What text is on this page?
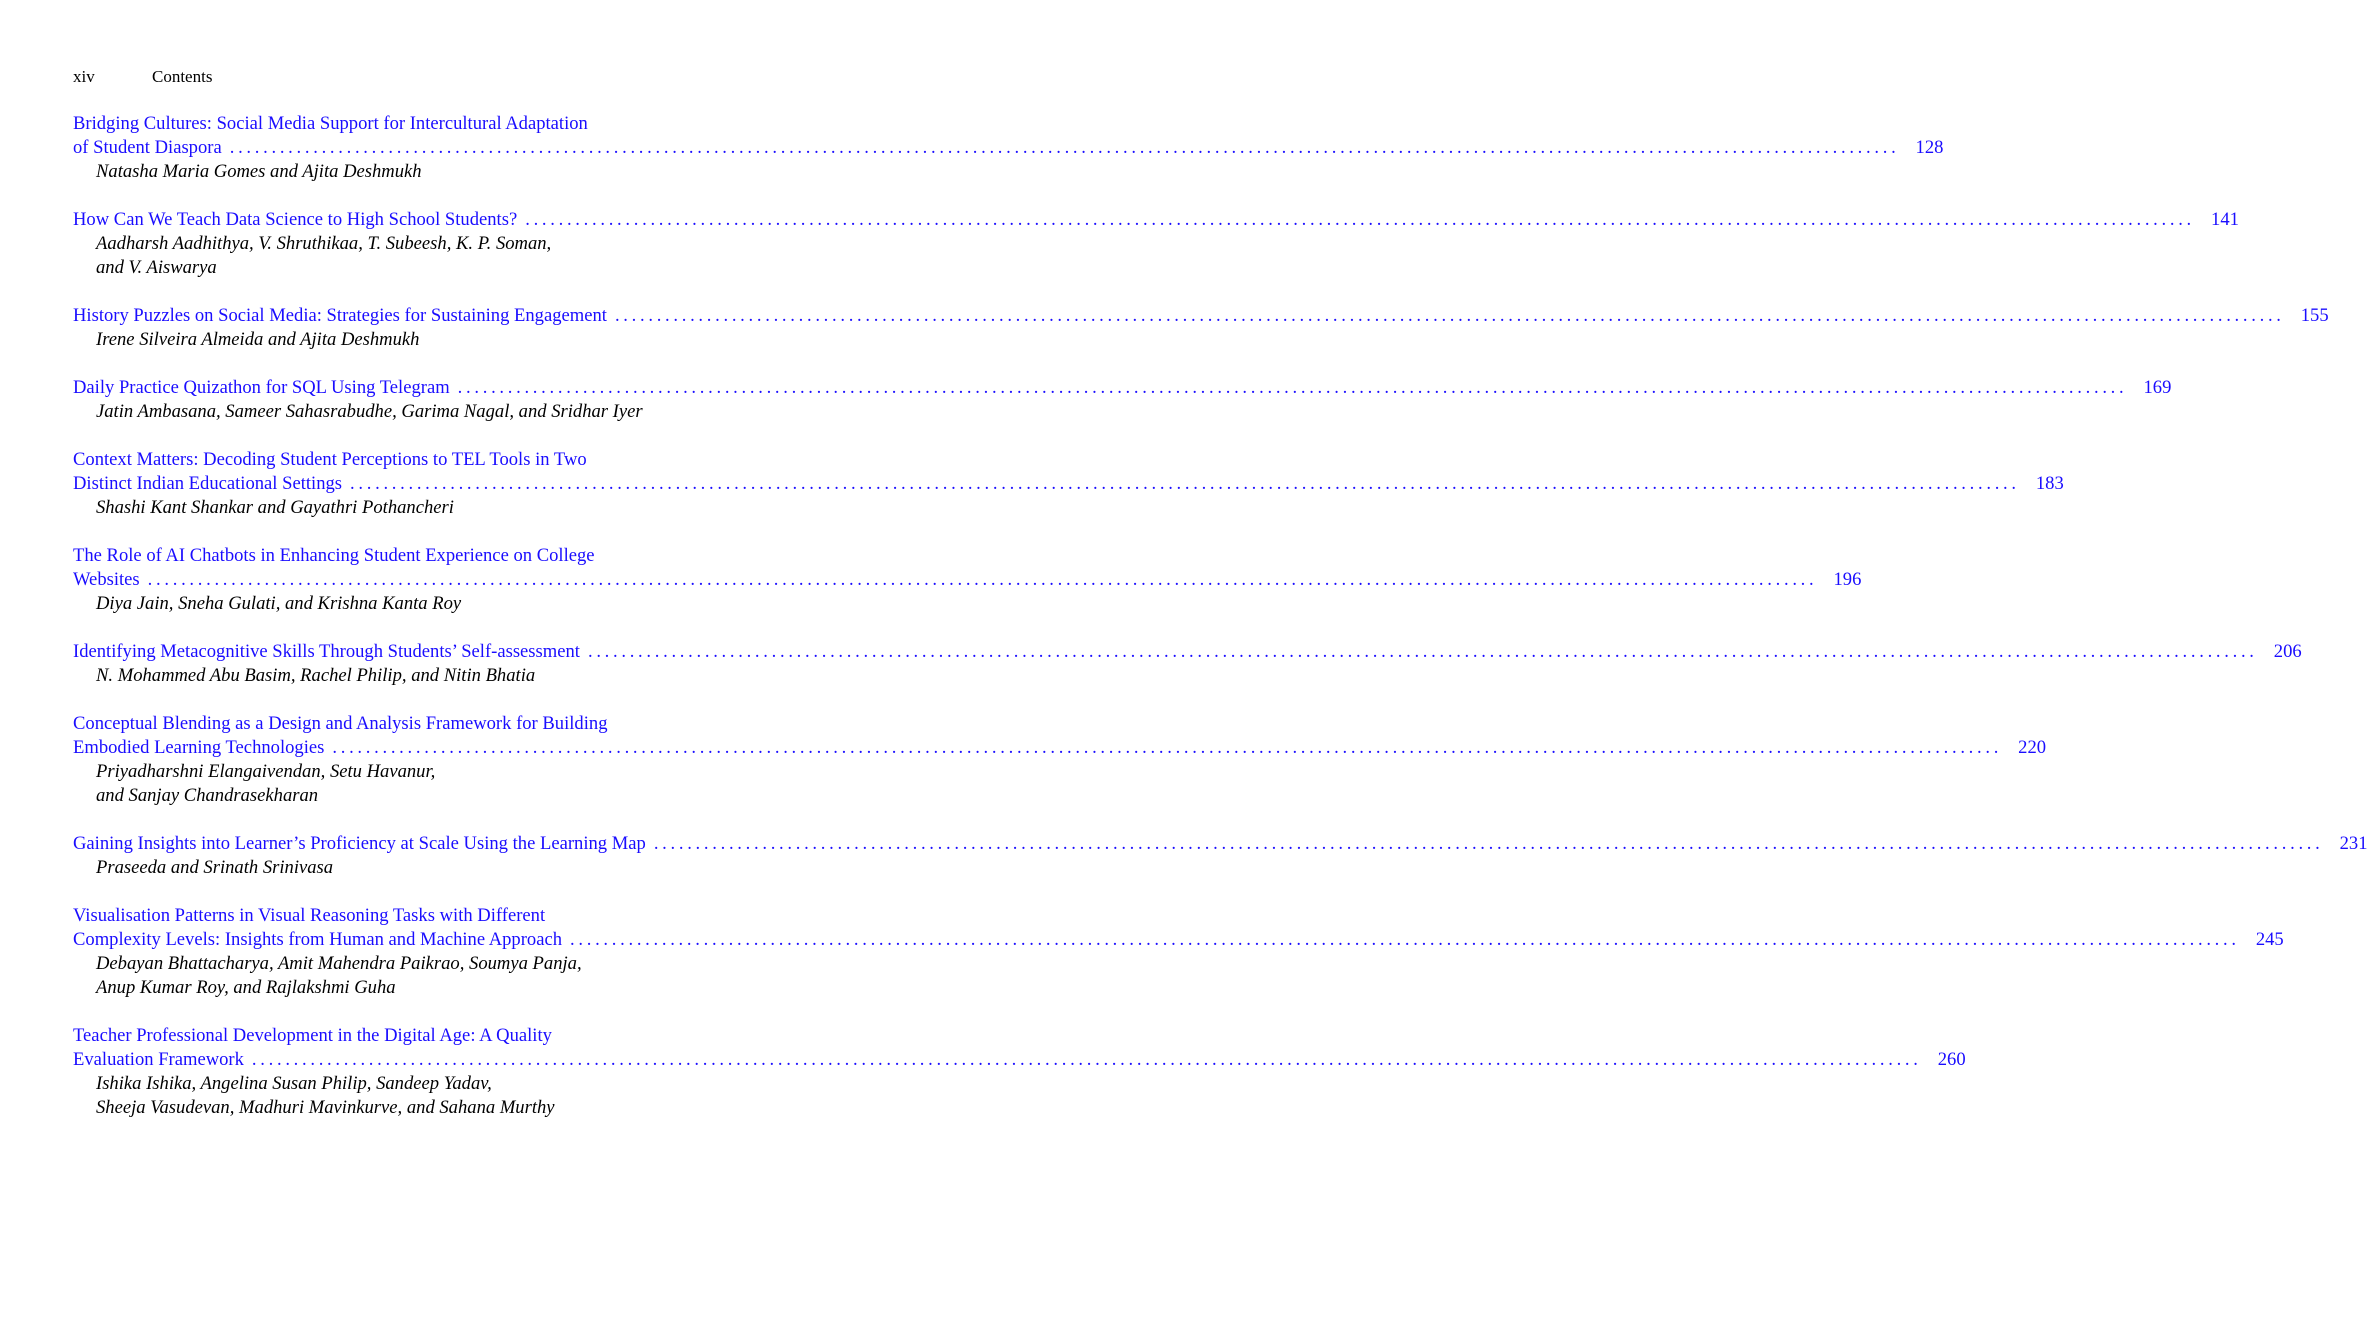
xiv	Contents
Bridging Cultures: Social Media Support for Intercultural Adaptation
of Student Diaspora ........................................................................................................................................................................................................ 128
Natasha Maria Gomes and Ajita Deshmukh
How Can We Teach Data Science to High School Students? ........................................................................................................................................................................................................ 141
Aadharsh Aadhithya, V. Shruthikaa, T. Subeesh, K. P. Soman,
and V. Aiswarya
History Puzzles on Social Media: Strategies for Sustaining Engagement ........................................................................................................................................................................................................ 155
Irene Silveira Almeida and Ajita Deshmukh
Daily Practice Quizathon for SQL Using Telegram ........................................................................................................................................................................................................ 169
Jatin Ambasana, Sameer Sahasrabudhe, Garima Nagal, and Sridhar Iyer
Context Matters: Decoding Student Perceptions to TEL Tools in Two
Distinct Indian Educational Settings ........................................................................................................................................................................................................ 183
Shashi Kant Shankar and Gayathri Pothancheri
The Role of AI Chatbots in Enhancing Student Experience on College
Websites ........................................................................................................................................................................................................ 196
Diya Jain, Sneha Gulati, and Krishna Kanta Roy
Identifying Metacognitive Skills Through Students’ Self-assessment ........................................................................................................................................................................................................ 206
N. Mohammed Abu Basim, Rachel Philip, and Nitin Bhatia
Conceptual Blending as a Design and Analysis Framework for Building
Embodied Learning Technologies ........................................................................................................................................................................................................ 220
Priyadharshni Elangaivendan, Setu Havanur,
and Sanjay Chandrasekharan
Gaining Insights into Learner’s Proficiency at Scale Using the Learning Map ........................................................................................................................................................................................................ 231
Praseeda and Srinath Srinivasa
Visualisation Patterns in Visual Reasoning Tasks with Different
Complexity Levels: Insights from Human and Machine Approach ........................................................................................................................................................................................................ 245
Debayan Bhattacharya, Amit Mahendra Paikrao, Soumya Panja,
Anup Kumar Roy, and Rajlakshmi Guha
Teacher Professional Development in the Digital Age: A Quality
Evaluation Framework ........................................................................................................................................................................................................ 260
Ishika Ishika, Angelina Susan Philip, Sandeep Yadav,
Sheeja Vasudevan, Madhuri Mavinkurve, and Sahana Murthy
